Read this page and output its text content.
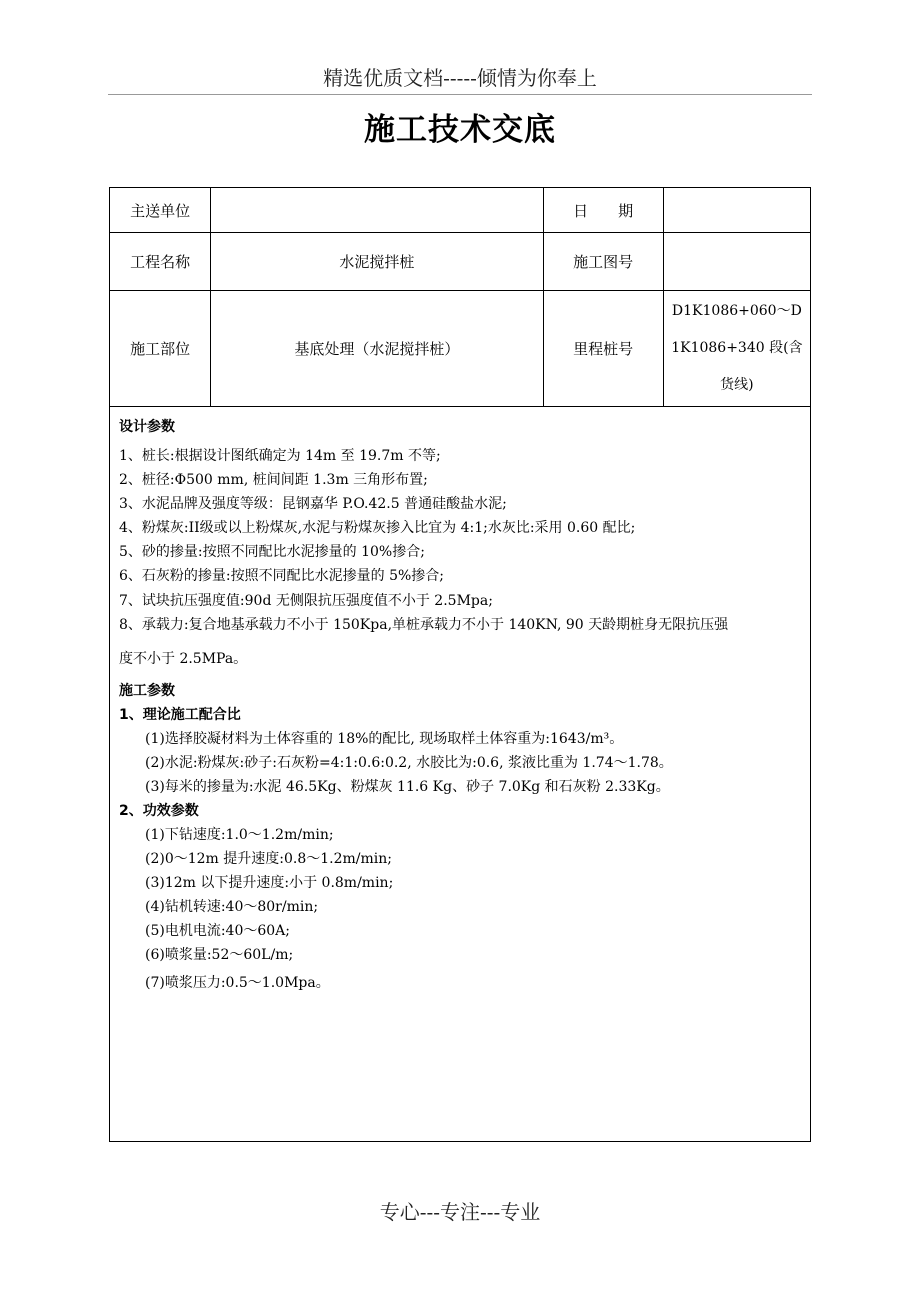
精选优质文档-----倾情为你奉上
施工技术交底
主送单位		日　　期	
工程名称	水泥搅拌桩	施工图号	
施工部位	基底处理（水泥搅拌桩）	里程桩号	D1K1086+060～D
1K1086+340 段(含
货线)
设计参数
1、桩长:根据设计图纸确定为 14m 至 19.7m 不等;
2、桩径:Φ500 mm, 桩间间距 1.3m 三角形布置;
3、水泥品牌及强度等级：昆钢嘉华 P.O.42.5 普通硅酸盐水泥;
4、粉煤灰:II级或以上粉煤灰,水泥与粉煤灰掺入比宜为 4:1;水灰比:采用 0.60 配比;
5、砂的掺量:按照不同配比水泥掺量的 10%掺合;
6、石灰粉的掺量:按照不同配比水泥掺量的 5%掺合;
7、试块抗压强度值:90d 无侧限抗压强度值不小于 2.5Mpa;
8、承载力:复合地基承载力不小于 150Kpa,单桩承载力不小于 140KN, 90 天龄期桩身无限抗压强
度不小于 2.5MPa。
施工参数
1、理论施工配合比
(1)选择胶凝材料为土体容重的 18%的配比, 现场取样土体容重为:1643/m³。
(2)水泥:粉煤灰:砂子:石灰粉=4:1:0.6:0.2, 水胶比为:0.6, 浆液比重为 1.74～1.78。
(3)每米的掺量为:水泥 46.5Kg、粉煤灰 11.6 Kg、砂子 7.0Kg 和石灰粉 2.33Kg。
2、功效参数
(1)下钻速度:1.0～1.2m/min;
(2)0～12m 提升速度:0.8～1.2m/min;
(3)12m 以下提升速度:小于 0.8m/min;
(4)钻机转速:40～80r/min;
(5)电机电流:40～60A;
(6)喷浆量:52～60L/m;
(7)喷浆压力:0.5～1.0Mpa。
专心---专注---专业
